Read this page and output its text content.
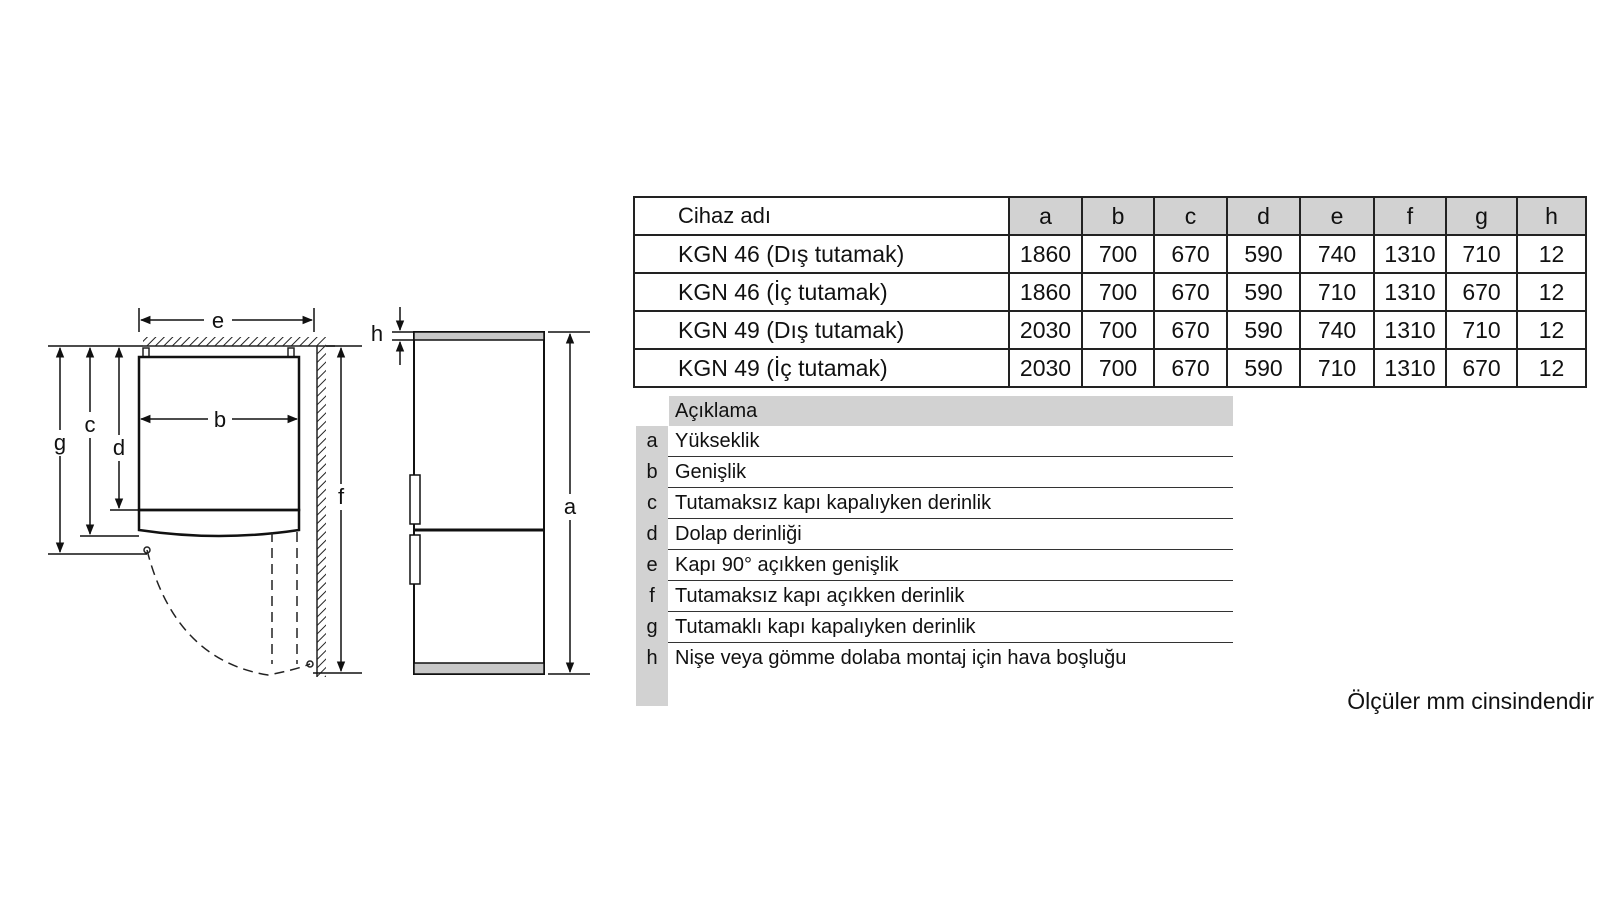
e
b
g
c
d
f
h
a
Cihaz adı	a	b	c	d	e	f	g	h
KGN 46 (Dış tutamak)	1860	700	670	590	740	1310	710	12
KGN 46 (İç tutamak)	1860	700	670	590	710	1310	670	12
KGN 49 (Dış tutamak)	2030	700	670	590	740	1310	710	12
KGN 49 (İç tutamak)	2030	700	670	590	710	1310	670	12
Açıklama
a Yükseklik
b Genişlik
c Tutamaksız kapı kapalıyken derinlik
d Dolap derinliği
e Kapı 90° açıkken genişlik
f	Tutamaksız kapı açıkken derinlik
g Tutamaklı kapı kapalıyken derinlik
h Nişe veya gömme dolaba montaj için hava boşluğu
Ölçüler mm cinsindendir
